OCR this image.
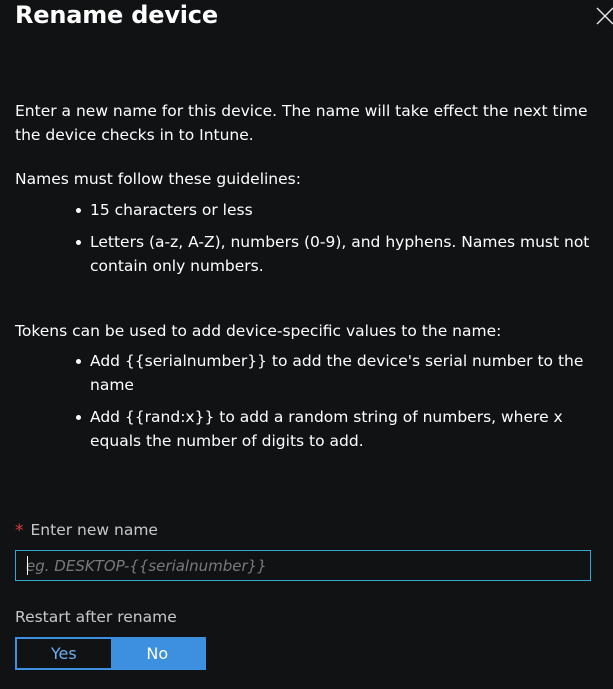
Rename device

Enter a new name for this device. The name will take effect the next time the device checks in to Intune.

Names must follow these guidelines:

15 characters or less
Letters (a-z, A-Z), numbers (0-9), and hyphens. Names must not contain only numbers.

Tokens can be used to add device-specific values to the name:

Add {{serialnumber}} to add the device's serial number to the name
Add {{rand:x}} to add a random string of numbers, where x equals the number of digits to add.
* Enter new name
eg. DESKTOP-{{serialnumber}}
Restart after rename
Yes	No
